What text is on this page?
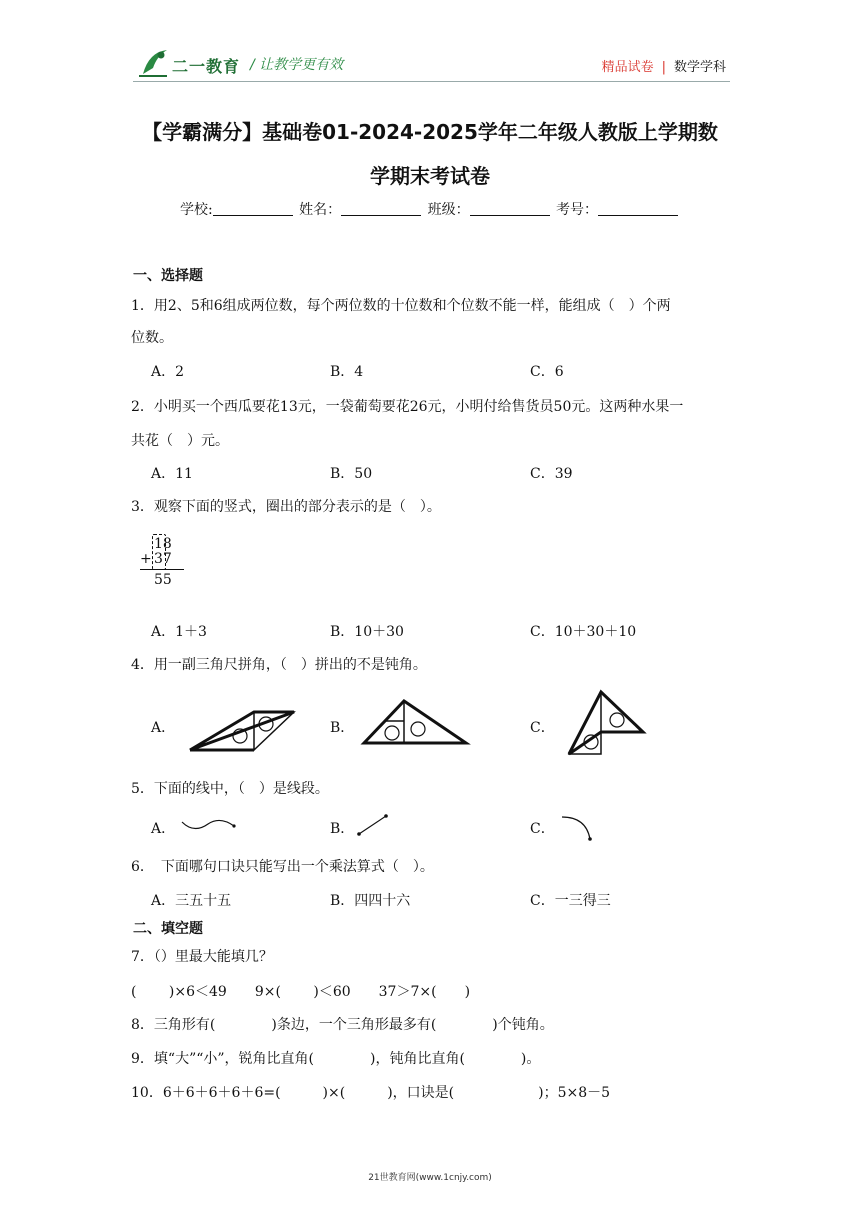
二一教育 / 让教学更有效	精品试卷 | 数学学科
【学霸满分】基础卷01-2024-2025学年二年级人教版上学期数
学期末考试卷
学校:	姓名：	班级：	考号：
一、选择题
1．用2、5和6组成两位数，每个两位数的十位数和个位数不能一样，能组成（　）个两
位数。
A．2	B．4	C．6
2．小明买一个西瓜要花13元，一袋葡萄要花26元，小明付给售货员50元。这两种水果一
共花（　）元。
A．11	B．50	C．39
3．观察下面的竖式，圈出的部分表示的是（　）。
18
+ 37
55
A．1＋3	B．10＋30	C．10＋30＋10
4．用一副三角尺拼角，（　）拼出的不是钝角。
A．	B．	C．
5．下面的线中，（　）是线段。
A．	B．	C．
6．　下面哪句口诀只能写出一个乘法算式（　）。
A．三五十五	B．四四十六	C．一三得三
二、填空题
7．（）里最大能填几？
(　　 )×6＜49　　9×(　　 )＜60　　37＞7×(　　)
8．三角形有(　　　　)条边，一个三角形最多有(　　　　)个钝角。
9．填“大”“小”，锐角比直角(　　　　)，钝角比直角(　　　　)。
10．6＋6＋6＋6＋6=(　　　)×(　　　)，口诀是(　　　　　　)；5×8－5
21世教育网(www.1cnjy.com)
